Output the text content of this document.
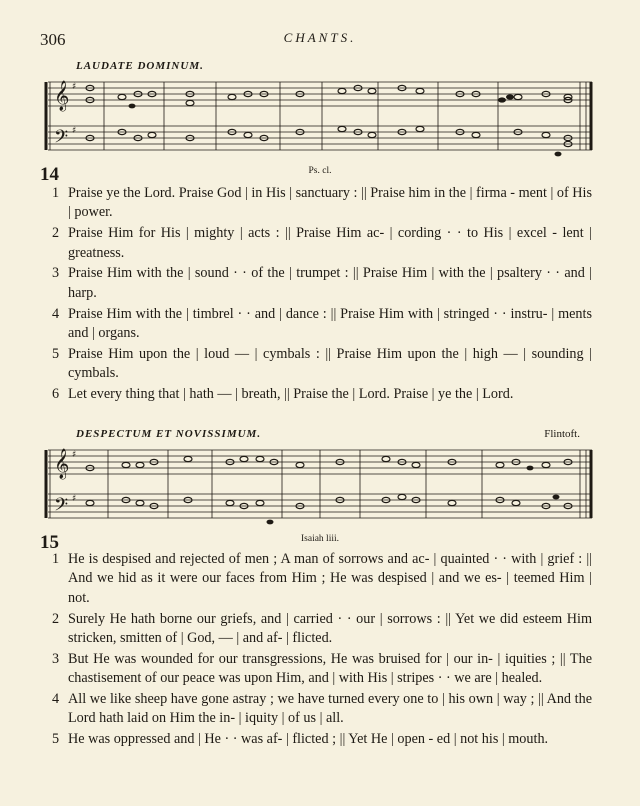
306	CHANTS.
LAUDATE DOMINUM.
𝄞
𝄢
♯
♯
14	Ps. cl.

1 Praise ye the Lord. Praise God | in His | sanctuary : || Praise him in the | firma - ment | of His | power.

2 Praise Him for His | mighty | acts : || Praise Him ac- | cording · · to His | excel - lent | greatness.

3 Praise Him with the | sound · · of the | trumpet : || Praise Him | with the | psaltery · · and | harp.

4 Praise Him with the | timbrel · · and | dance : || Praise Him with | stringed · · instru- | ments and | organs.

5 Praise Him upon the | loud — | cymbals : || Praise Him upon the | high — | sounding | cymbals.

6 Let every thing that | hath — | breath, || Praise the | Lord. Praise | ye the | Lord.

DESPECTUM ET NOVISSIMUM.	Flintoft.
𝄞
𝄢
♯
♯
15	Isaiah liii.

1 He is despised and rejected of men ; A man of sorrows and ac- | quainted · · with | grief : || And we hid as it were our faces from Him ; He was despised | and we es- | teemed Him | not.

2 Surely He hath borne our griefs, and | carried · · our | sorrows : || Yet we did esteem Him stricken, smitten of | God, — | and af- | flicted.

3 But He was wounded for our transgressions, He was bruised for | our in- | iquities ; || The chastisement of our peace was upon Him, and | with His | stripes · · we are | healed.

4 All we like sheep have gone astray ; we have turned every one to | his own | way ; || And the Lord hath laid on Him the in- | iquity | of us | all.

5 He was oppressed and | He · · was af- | flicted ; || Yet He | open - ed | not his | mouth.
